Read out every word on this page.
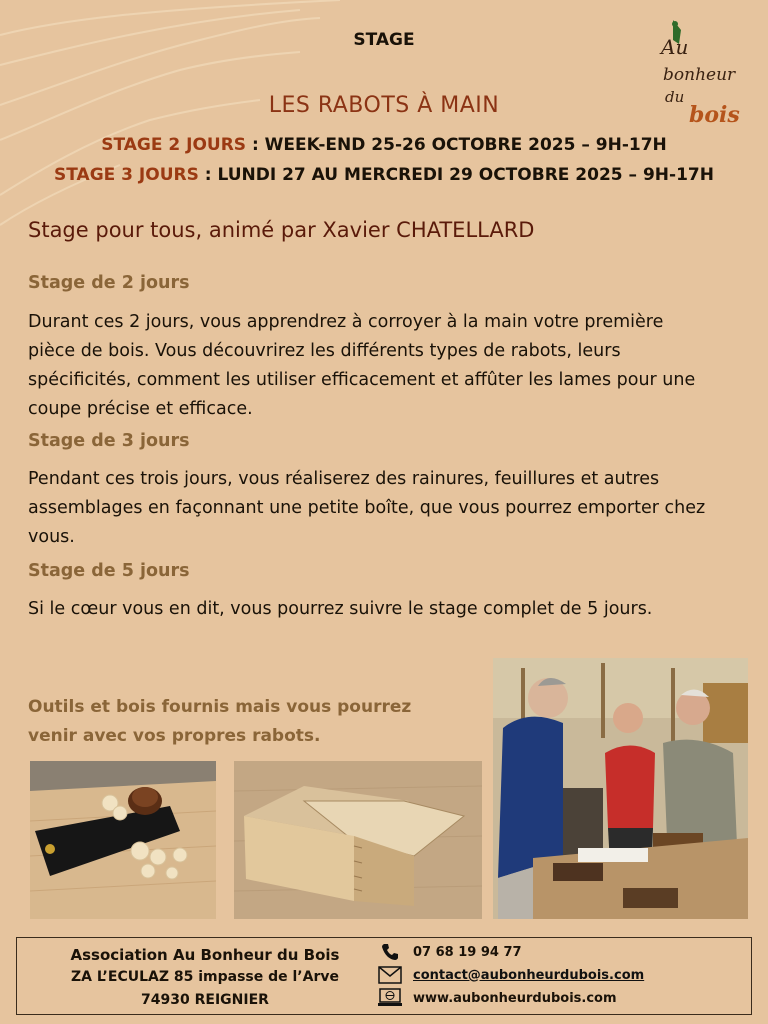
Au
bonheur
du
bois
STAGE
LES RABOTS À MAIN
STAGE 2 JOURS : WEEK-END 25-26 OCTOBRE 2025 – 9H-17H
STAGE 3 JOURS : LUNDI 27 AU MERCREDI 29 OCTOBRE 2025 – 9H-17H
Stage pour tous, animé par Xavier CHATELLARD
Stage de 2 jours
Durant ces 2 jours, vous apprendrez à corroyer à la main votre première pièce de bois. Vous découvrirez les différents types de rabots, leurs spécificités, comment les utiliser efficacement et affûter les lames pour une coupe précise et efficace.
Stage de 3 jours
Pendant ces trois jours, vous réaliserez des rainures, feuillures et autres assemblages en façonnant une petite boîte, que vous pourrez emporter chez vous.
Stage de 5 jours
Si le cœur vous en dit, vous pourrez suivre le stage complet de 5 jours.
Outils et bois fournis mais vous pourrez venir avec vos propres rabots.
Association Au Bonheur du Bois
ZA L’ECULAZ 85 impasse de l’Arve
74930 REIGNIER
07 68 19 94 77
contact@aubonheurdubois.com
www.aubonheurdubois.com
